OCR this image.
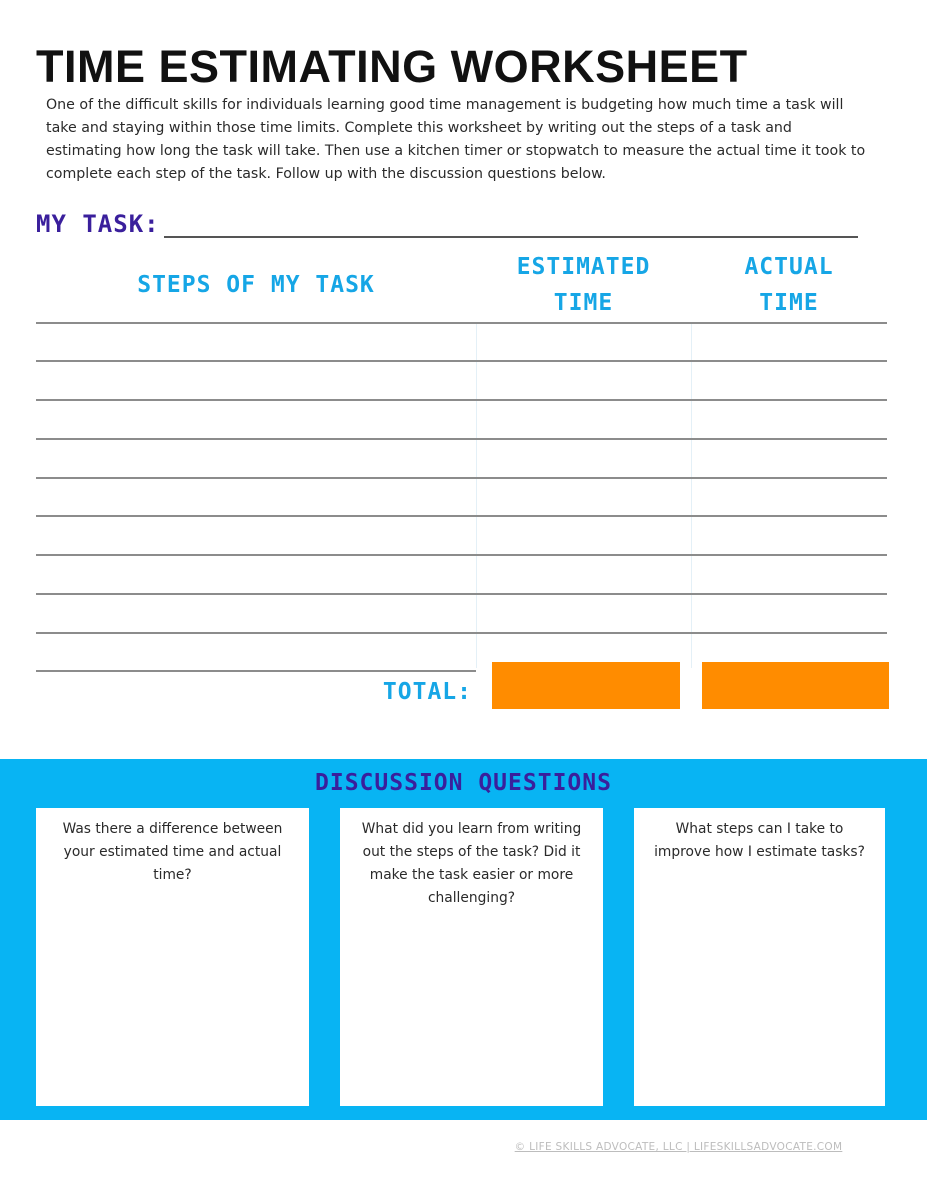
TIME ESTIMATING WORKSHEET

One of the difficult skills for individuals learning good time management is budgeting how much time a task will take and staying within those time limits. Complete this worksheet by writing out the steps of a task and estimating how long the task will take. Then use a kitchen timer or stopwatch to measure the actual time it took to complete each step of the task. Follow up with the discussion questions below.

MY TASK:

STEPS OF MY TASK

ESTIMATED
TIME

ACTUAL
TIME

TOTAL:

DISCUSSION QUESTIONS

Was there a difference between your estimated time and actual time?

What did you learn from writing out the steps of the task? Did it make the task easier or more challenging?

What steps can I take to improve how I estimate tasks?

© LIFE SKILLS ADVOCATE, LLC | LIFESKILLSADVOCATE.COM
